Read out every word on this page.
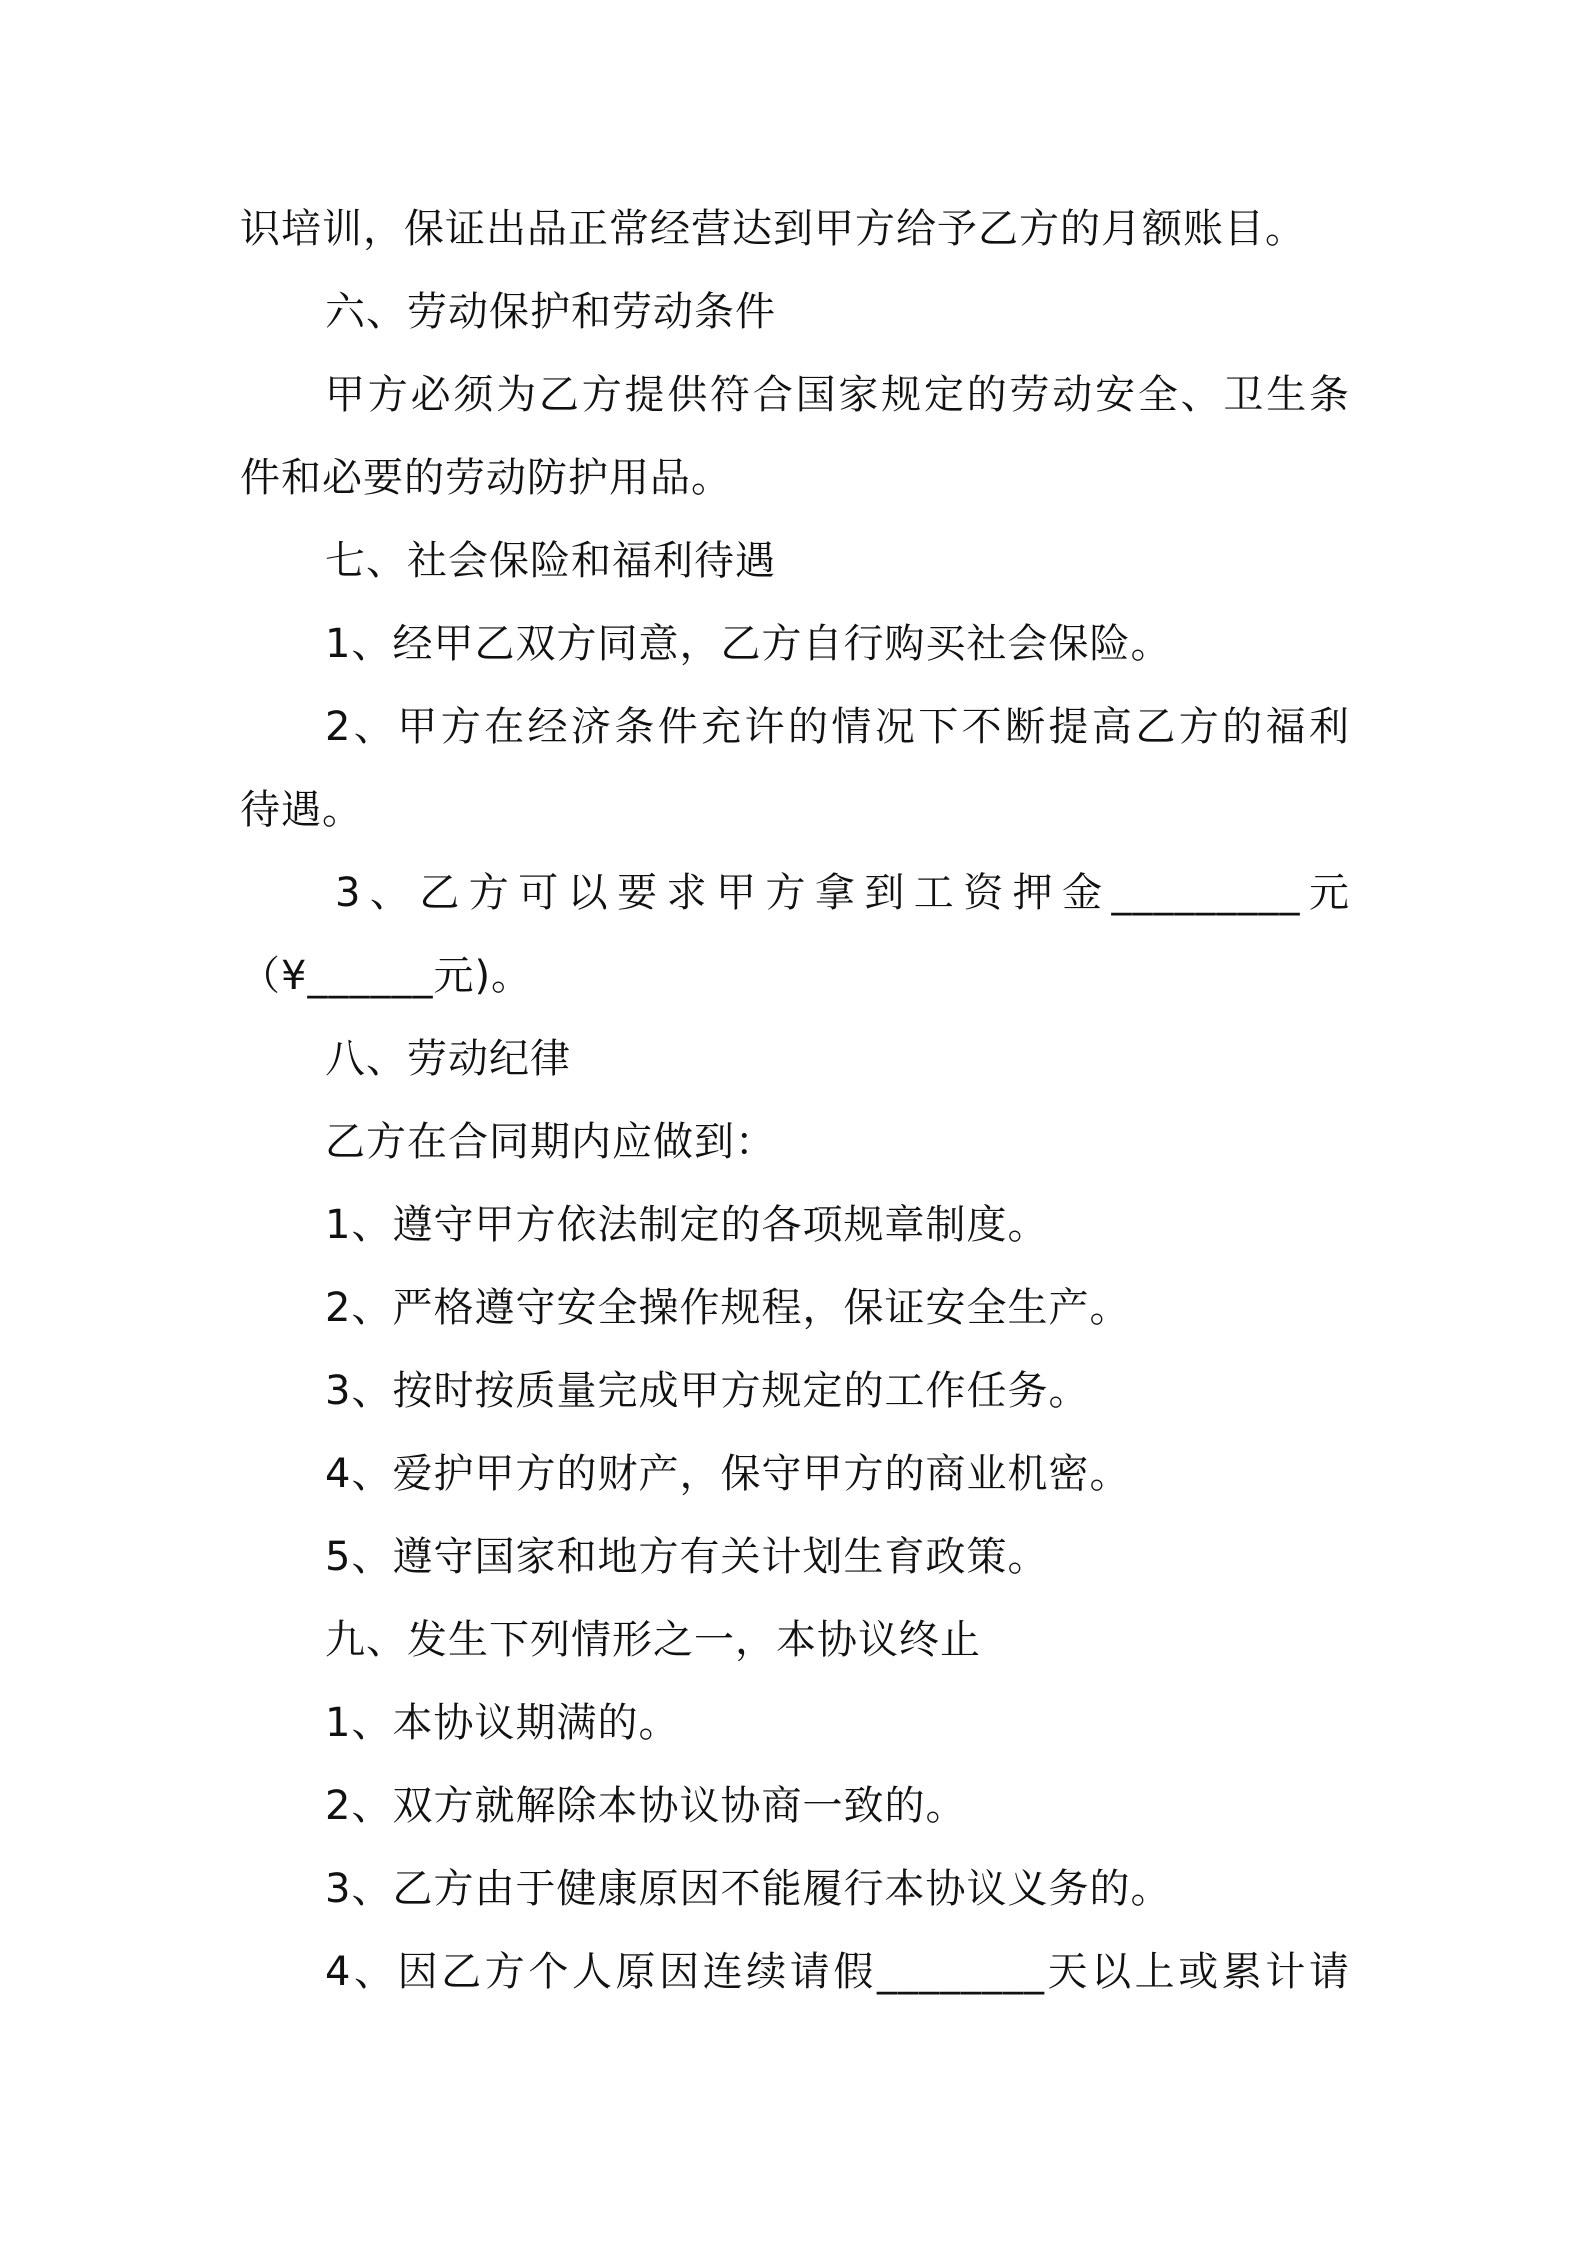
识培训，保证出品正常经营达到甲方给予乙方的月额账目。
六、劳动保护和劳动条件
甲方必须为乙方提供符合国家规定的劳动安全、卫生条
件和必要的劳动防护用品。
七、社会保险和福利待遇
1、经甲乙双方同意，乙方自行购买社会保险。
2、甲方在经济条件充许的情况下不断提高乙方的福利
待遇。
3、乙方可以要求甲方拿到工资押金_________元
（¥______元)。
八、劳动纪律
乙方在合同期内应做到：
1、遵守甲方依法制定的各项规章制度。
2、严格遵守安全操作规程，保证安全生产。
3、按时按质量完成甲方规定的工作任务。
4、爱护甲方的财产，保守甲方的商业机密。
5、遵守国家和地方有关计划生育政策。
九、发生下列情形之一，本协议终止
1、本协议期满的。
2、双方就解除本协议协商一致的。
3、乙方由于健康原因不能履行本协议义务的。
4、因乙方个人原因连续请假________天以上或累计请
